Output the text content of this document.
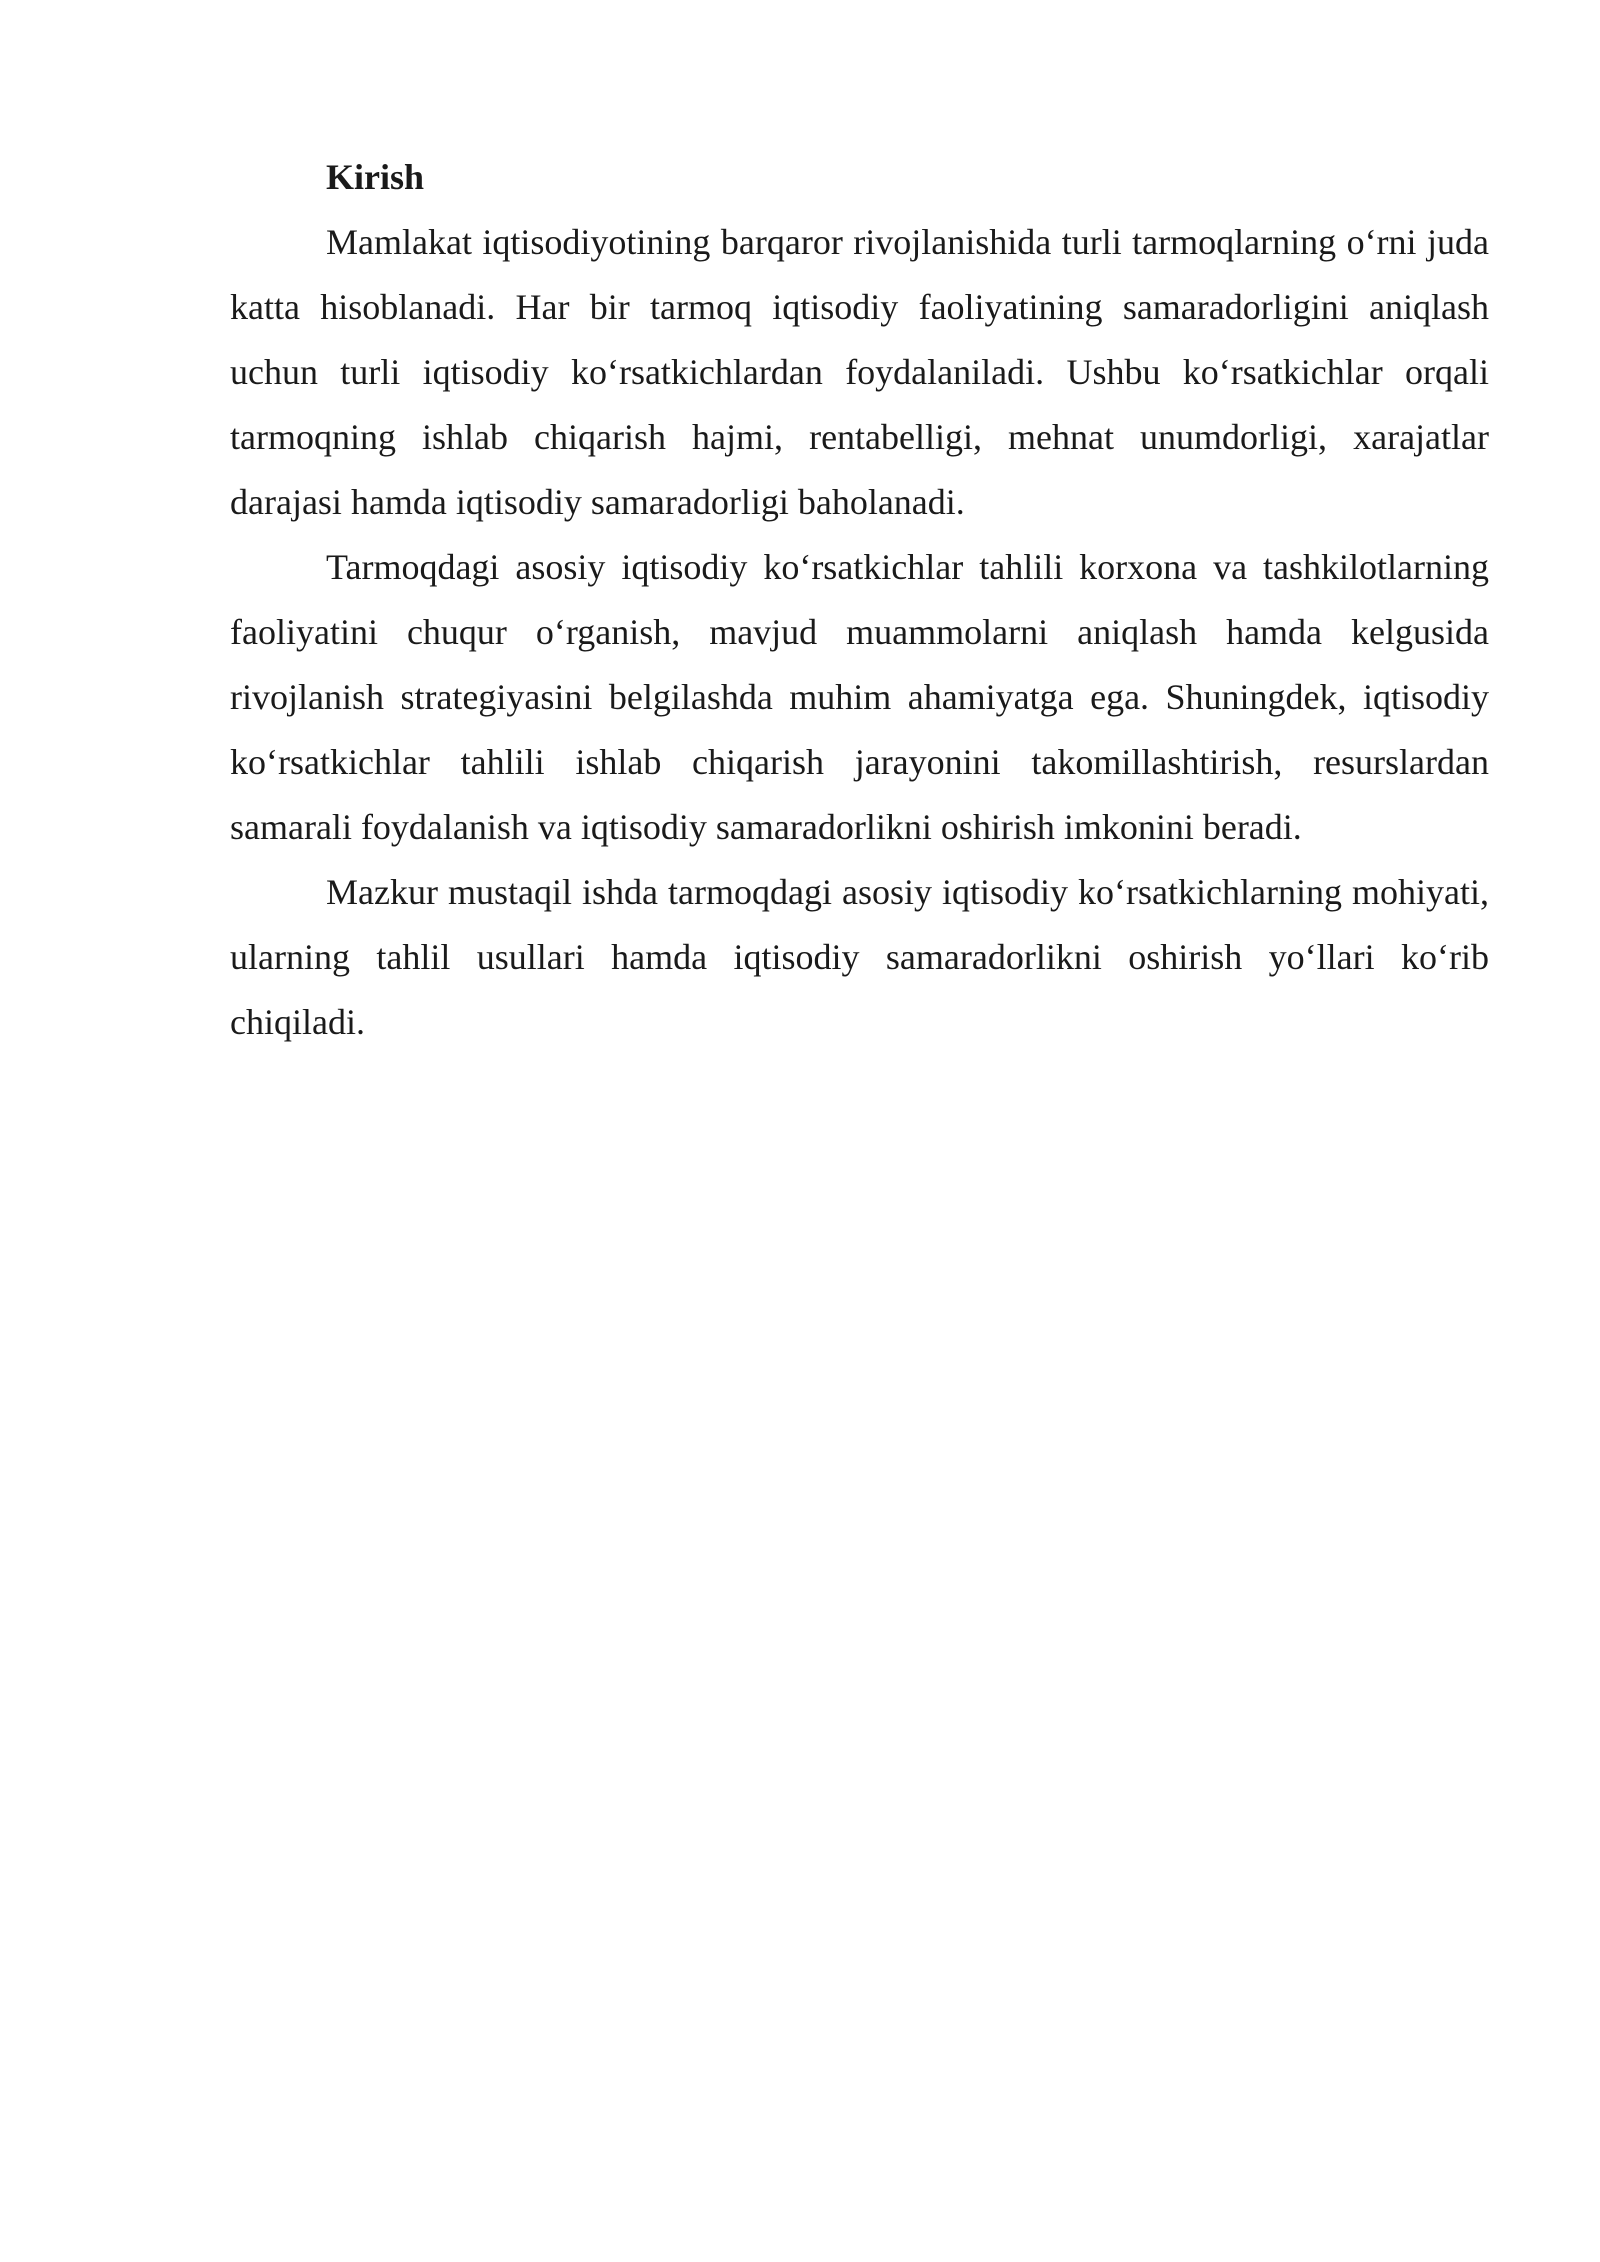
Kirish

Mamlakat iqtisodiyotining barqaror rivojlanishida turli tarmoqlarning o‘rni juda katta hisoblanadi. Har bir tarmoq iqtisodiy faoliyatining samaradorligini aniqlash uchun turli iqtisodiy ko‘rsatkichlardan foydalaniladi. Ushbu ko‘rsatkichlar orqali tarmoqning ishlab chiqarish hajmi, rentabelligi, mehnat unumdorligi, xarajatlar darajasi hamda iqtisodiy samaradorligi baholanadi.

Tarmoqdagi asosiy iqtisodiy ko‘rsatkichlar tahlili korxona va tashkilotlarning faoliyatini chuqur o‘rganish, mavjud muammolarni aniqlash hamda kelgusida rivojlanish strategiyasini belgilashda muhim ahamiyatga ega. Shuningdek, iqtisodiy ko‘rsatkichlar tahlili ishlab chiqarish jarayonini takomillashtirish, resurslardan samarali foydalanish va iqtisodiy samaradorlikni oshirish imkonini beradi.

Mazkur mustaqil ishda tarmoqdagi asosiy iqtisodiy ko‘rsatkichlarning mohiyati, ularning tahlil usullari hamda iqtisodiy samaradorlikni oshirish yo‘llari ko‘rib chiqiladi.
